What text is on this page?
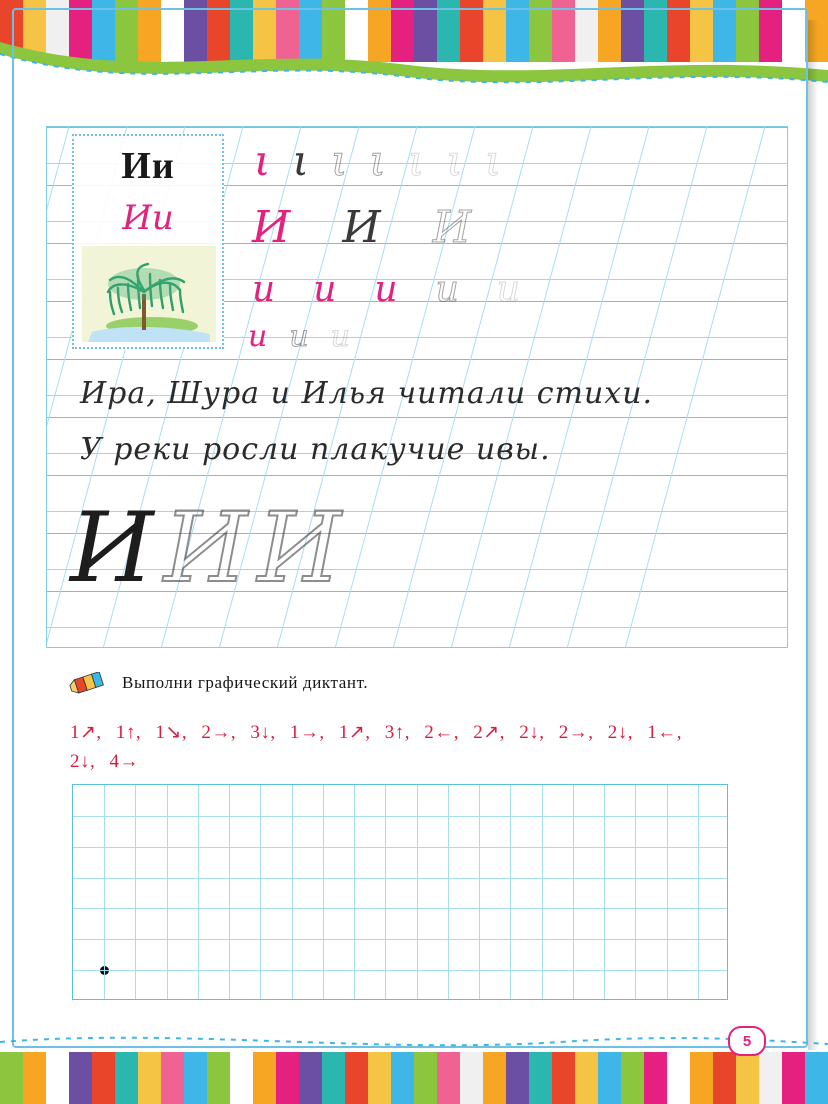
Ии
Ии
ι ι ι ι ι ι ι
И И И
и и и и и
и и и
Ира, Шура и Илья читали стихи.
У реки росли плакучие ивы.
И И И
Выполни графический диктант.
1↗, 1↑, 1↘, 2→, 3↓, 1→, 1↗, 3↑, 2←, 2↗, 2↓, 2→, 2↓, 1←, 2↓, 4→
5
